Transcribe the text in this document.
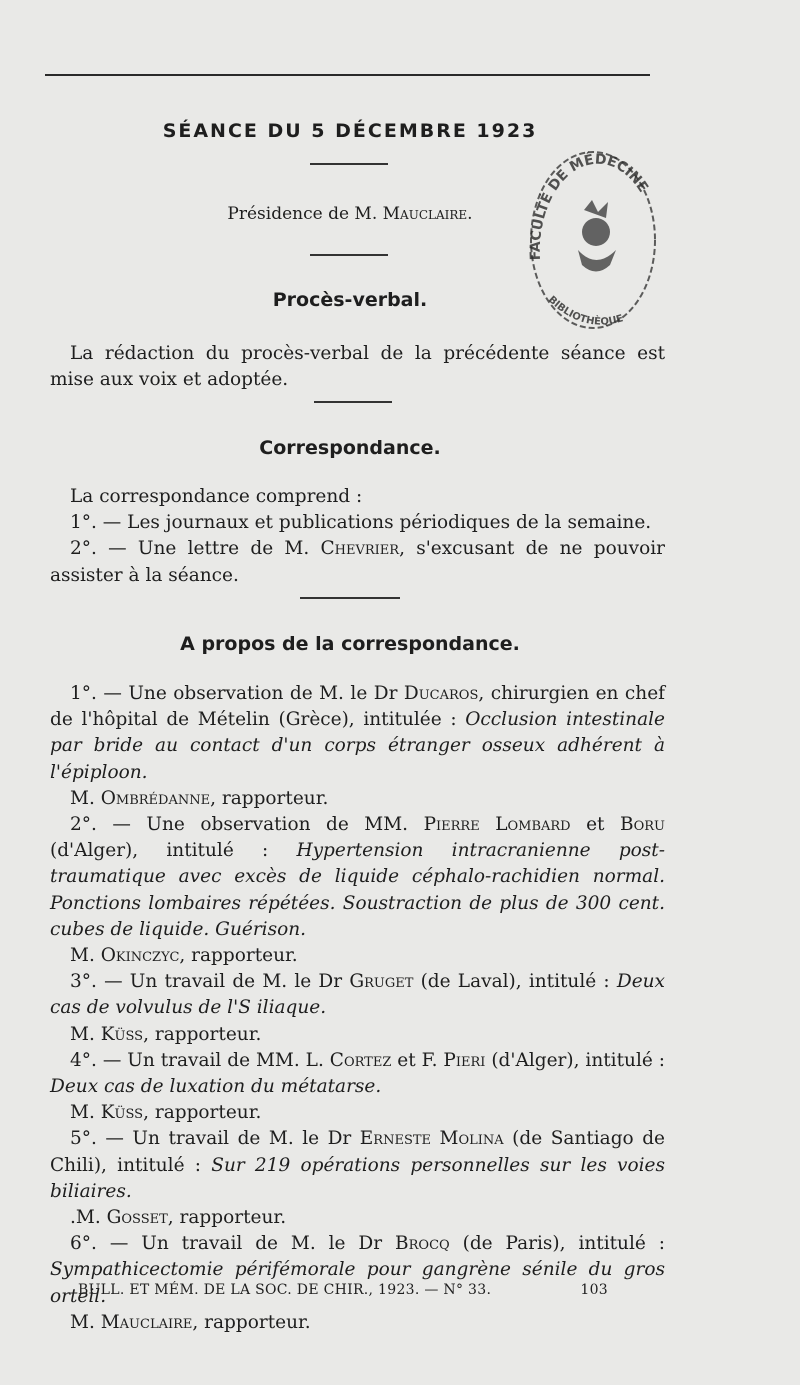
SÉANCE DU 5 DÉCEMBRE 1923
Présidence de M. Mauclaire.
Procès-verbal.

La rédaction du procès-verbal de la précédente séance est mise aux voix et adoptée.

Correspondance.

La correspondance comprend :

1°. — Les journaux et publications périodiques de la semaine.

2°. — Une lettre de M. Chevrier, s'excusant de ne pouvoir assister à la séance.

A propos de la correspondance.

1°. — Une observation de M. le Dr Ducaros, chirurgien en chef de l'hôpital de Mételin (Grèce), intitulée : Occlusion intestinale par bride au contact d'un corps étranger osseux adhérent à l'épiploon.

M. Ombrédanne, rapporteur.

2°. — Une observation de MM. Pierre Lombard et Boru (d'Alger), intitulé : Hypertension intracranienne post-traumatique avec excès de liquide céphalo-rachidien normal. Ponctions lombaires répétées. Soustraction de plus de 300 cent. cubes de liquide. Guérison.

M. Okinczyc, rapporteur.

3°. — Un travail de M. le Dr Gruget (de Laval), intitulé : Deux cas de volvulus de l'S iliaque.

M. Küss, rapporteur.

4°. — Un travail de MM. L. Cortez et F. Pieri (d'Alger), intitulé : Deux cas de luxation du métatarse.

M. Küss, rapporteur.

5°. — Un travail de M. le Dr Erneste Molina (de Santiago de Chili), intitulé : Sur 219 opérations personnelles sur les voies biliaires.

.M. Gosset, rapporteur.

6°. — Un travail de M. le Dr Brocq (de Paris), intitulé : Sympathicectomie périfémorale pour gangrène sénile du gros orteil.

M. Mauclaire, rapporteur.

BULL. ET MÉM. DE LA SOC. DE CHIR., 1923. — N° 33.	103
FACULTÉ DE MÉDECINE
BIBLIOTHÈQUE
